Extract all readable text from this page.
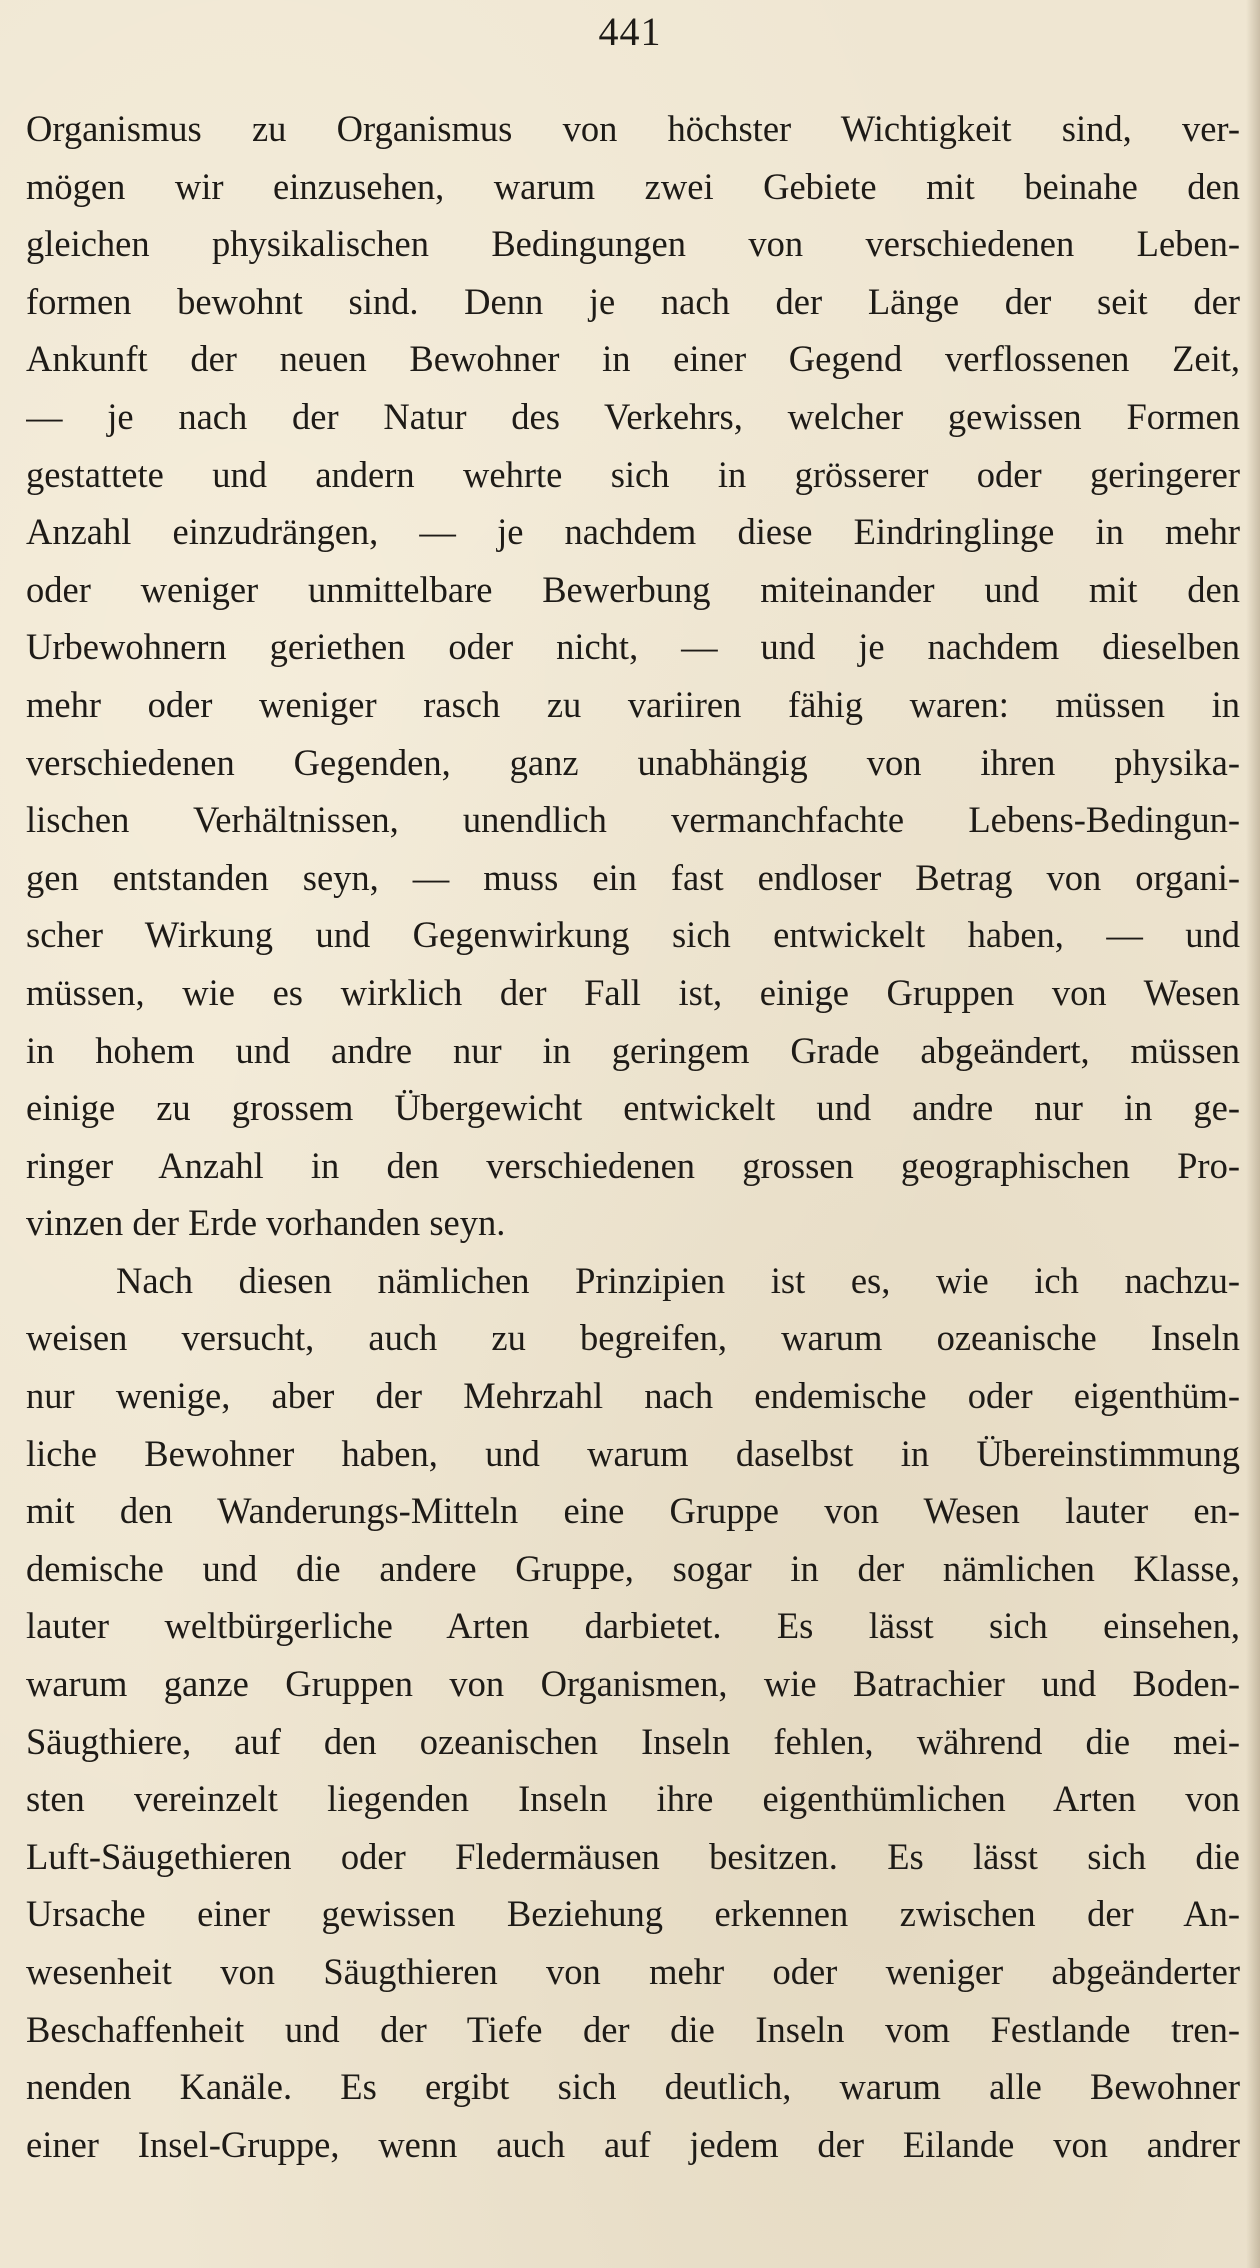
441
Organismus zu Organismus von höchster Wichtigkeit sind, ver-
mögen wir einzusehen, warum zwei Gebiete mit beinahe den
gleichen physikalischen Bedingungen von verschiedenen Leben-
formen bewohnt sind. Denn je nach der Länge der seit der
Ankunft der neuen Bewohner in einer Gegend verflossenen Zeit,
— je nach der Natur des Verkehrs, welcher gewissen Formen
gestattete und andern wehrte sich in grösserer oder geringerer
Anzahl einzudrängen, — je nachdem diese Eindringlinge in mehr
oder weniger unmittelbare Bewerbung miteinander und mit den
Urbewohnern geriethen oder nicht, — und je nachdem dieselben
mehr oder weniger rasch zu variiren fähig waren: müssen in
verschiedenen Gegenden, ganz unabhängig von ihren physika-
lischen Verhältnissen, unendlich vermanchfachte Lebens-Bedingun-
gen entstanden seyn, — muss ein fast endloser Betrag von organi-
scher Wirkung und Gegenwirkung sich entwickelt haben, — und
müssen, wie es wirklich der Fall ist, einige Gruppen von Wesen
in hohem und andre nur in geringem Grade abgeändert, müssen
einige zu grossem Übergewicht entwickelt und andre nur in ge-
ringer Anzahl in den verschiedenen grossen geographischen Pro-
vinzen der Erde vorhanden seyn.
Nach diesen nämlichen Prinzipien ist es, wie ich nachzu-
weisen versucht, auch zu begreifen, warum ozeanische Inseln
nur wenige, aber der Mehrzahl nach endemische oder eigenthüm-
liche Bewohner haben, und warum daselbst in Übereinstimmung
mit den Wanderungs-Mitteln eine Gruppe von Wesen lauter en-
demische und die andere Gruppe, sogar in der nämlichen Klasse,
lauter weltbürgerliche Arten darbietet. Es lässt sich einsehen,
warum ganze Gruppen von Organismen, wie Batrachier und Boden-
Säugthiere, auf den ozeanischen Inseln fehlen, während die mei-
sten vereinzelt liegenden Inseln ihre eigenthümlichen Arten von
Luft-Säugethieren oder Fledermäusen besitzen. Es lässt sich die
Ursache einer gewissen Beziehung erkennen zwischen der An-
wesenheit von Säugthieren von mehr oder weniger abgeänderter
Beschaffenheit und der Tiefe der die Inseln vom Festlande tren-
nenden Kanäle. Es ergibt sich deutlich, warum alle Bewohner
einer Insel-Gruppe, wenn auch auf jedem der Eilande von andrer
